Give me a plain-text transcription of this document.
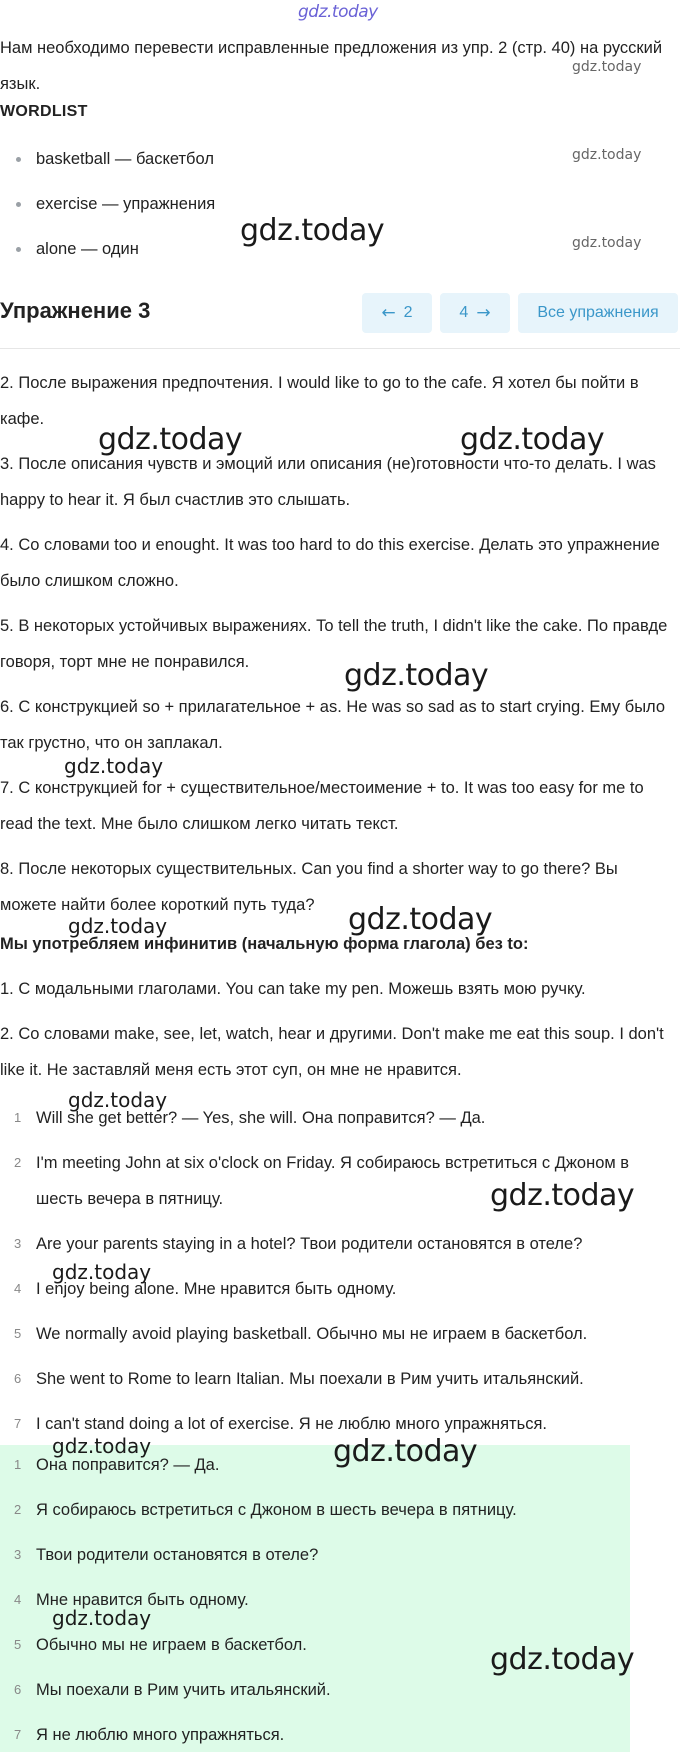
gdz.today
Нам необходимо перевести исправленные предложения из упр. 2 (стр. 40) на русский язык.
WORDLIST
basketball — баскетбол
exercise — упражнения
alone — один
Упражнение 3	← 2	4 →	Все упражнения

2. После выражения предпочтения. I would like to go to the cafe. Я хотел бы пойти в кафе.

3. После описания чувств и эмоций или описания (не)готовности что-то делать. I was happy to hear it. Я был счастлив это слышать.

4. Со словами too и enought. It was too hard to do this exercise. Делать это упражнение было слишком сложно.

5. В некоторых устойчивых выражениях. To tell the truth, I didn't like the cake. По правде говоря, торт мне не понравился.

6. С конструкцией so + прилагательное + as. He was so sad as to start crying. Ему было так грустно, что он заплакал.

7. С конструкцией for + существительное/местоимение + to. It was too easy for me to read the text. Мне было слишком легко читать текст.

8. После некоторых существительных. Can you find a shorter way to go there? Вы можете найти более короткий путь туда?

Мы употребляем инфинитив (начальную форма глагола) без to:

1. С модальными глаголами. You can take my pen. Можешь взять мою ручку.

2. Со словами make, see, let, watch, hear и другими. Don't make me eat this soup. I don't like it. Не заставляй меня есть этот суп, он мне не нравится.

1 Will she get better? — Yes, she will. Она поправится? — Да.
2 I'm meeting John at six o'clock on Friday. Я собираюсь встретиться с Джоном в шесть вечера в пятницу.
3 Are your parents staying in a hotel? Твои родители остановятся в отеле?
4 I enjoy being alone. Мне нравится быть одному.
5 We normally avoid playing basketball. Обычно мы не играем в баскетбол.
6 She went to Rome to learn Italian. Мы поехали в Рим учить итальянский.
7 I can't stand doing a lot of exercise. Я не люблю много упражняться.
1 Она поправится? — Да.
2 Я собираюсь встретиться с Джоном в шесть вечера в пятницу.
3 Твои родители остановятся в отеле?
4 Мне нравится быть одному.
5 Обычно мы не играем в баскетбол.
6 Мы поехали в Рим учить итальянский.
7 Я не люблю много упражняться.
gdz.today
gdz.today
gdz.today
gdz.today
gdz.today	gdz.today
gdz.today
gdz.today
gdz.today
gdz.today
gdz.today
gdz.today
gdz.today
gdz.today	gdz.today
gdz.today
gdz.today
